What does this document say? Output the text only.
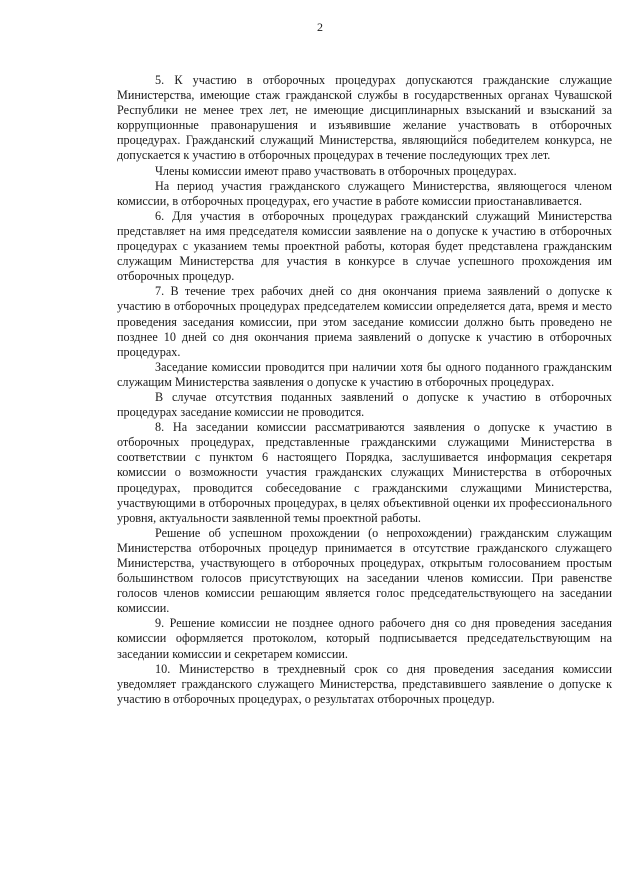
2

5. К участию в отборочных процедурах допускаются гражданские служащие Министерства, имеющие стаж гражданской службы в государственных органах Чувашской Республики не менее трех лет, не имеющие дисциплинарных взысканий и взысканий за коррупционные правонарушения и изъявившие желание участвовать в отборочных процедурах. Гражданский служащий Министерства, являющийся победителем конкурса, не допускается к участию в отборочных процедурах в течение последующих трех лет.

Члены комиссии имеют право участвовать в отборочных процедурах.

На период участия гражданского служащего Министерства, являющегося членом комиссии, в отборочных процедурах, его участие в работе комиссии приостанавливается.

6. Для участия в отборочных процедурах гражданский служащий Министерства представляет на имя председателя комиссии заявление на о допуске к участию в отборочных процедурах с указанием темы проектной работы, которая будет представлена гражданским служащим Министерства для участия в конкурсе в случае успешного прохождения им отборочных процедур.

7. В течение трех рабочих дней со дня окончания приема заявлений о допуске к участию в отборочных процедурах председателем комиссии определяется дата, время и место проведения заседания комиссии, при этом заседание комиссии должно быть проведено не позднее 10 дней со дня окончания приема заявлений о допуске к участию в отборочных процедурах.

Заседание комиссии проводится при наличии хотя бы одного поданного гражданским служащим Министерства заявления о допуске к участию в отборочных процедурах.

В случае отсутствия поданных заявлений о допуске к участию в отборочных процедурах заседание комиссии не проводится.

8. На заседании комиссии рассматриваются заявления о допуске к участию в отборочных процедурах, представленные гражданскими служащими Министерства в соответствии с пунктом 6 настоящего Порядка, заслушивается информация секретаря комиссии о возможности участия гражданских служащих Министерства в отборочных процедурах, проводится собеседование с гражданскими служащими Министерства, участвующими в отборочных процедурах, в целях объективной оценки их профессионального уровня, актуальности заявленной темы проектной работы.

Решение об успешном прохождении (о непрохождении) гражданским служащим Министерства отборочных процедур принимается в отсутствие гражданского служащего Министерства, участвующего в отборочных процедурах, открытым голосованием простым большинством голосов присутствующих на заседании членов комиссии. При равенстве голосов членов комиссии решающим является голос председательствующего на заседании комиссии.

9. Решение комиссии не позднее одного рабочего дня со дня проведения заседания комиссии оформляется протоколом, который подписывается председательствующим на заседании комиссии и секретарем комиссии.

10. Министерство в трехдневный срок со дня проведения заседания комиссии уведомляет гражданского служащего Министерства, представившего заявление о допуске к участию в отборочных процедурах, о результатах отборочных процедур.
